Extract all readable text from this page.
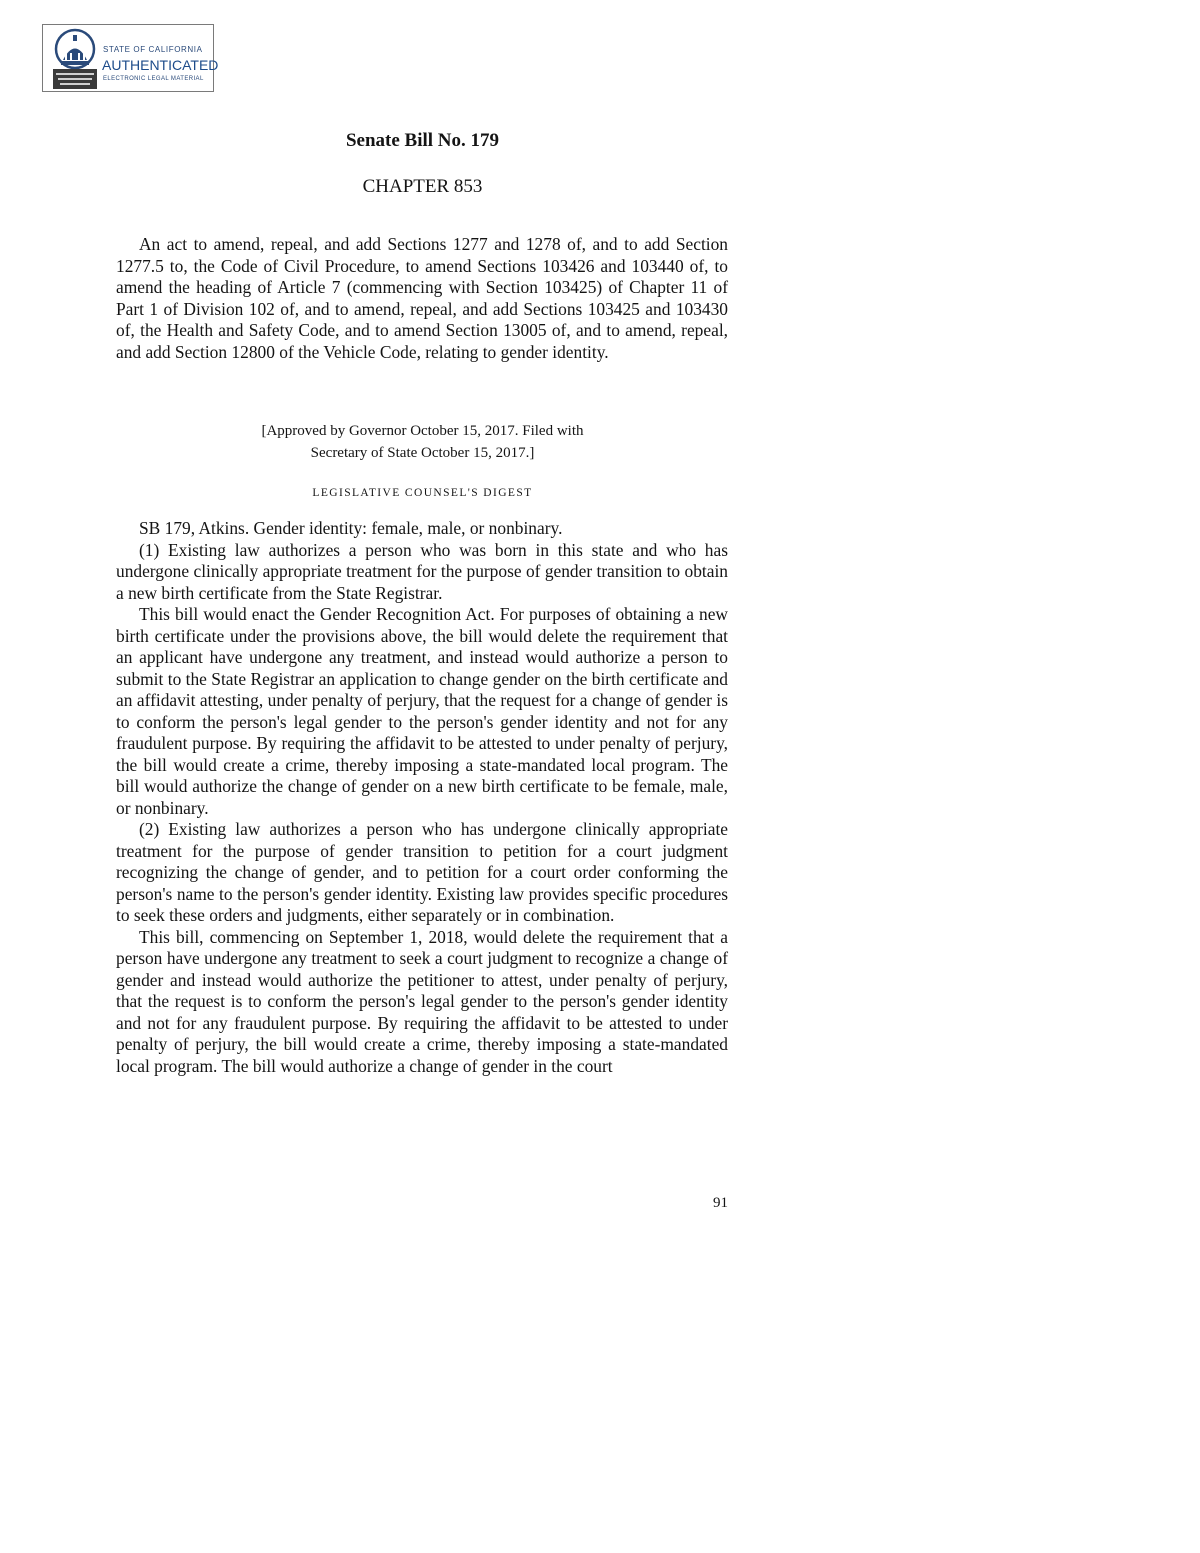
STATE OF CALIFORNIA
AUTHENTICATED
ELECTRONIC LEGAL MATERIAL
Senate Bill No. 179
CHAPTER 853
An act to amend, repeal, and add Sections 1277 and 1278 of, and to add Section 1277.5 to, the Code of Civil Procedure, to amend Sections 103426 and 103440 of, to amend the heading of Article 7 (commencing with Section 103425) of Chapter 11 of Part 1 of Division 102 of, and to amend, repeal, and add Sections 103425 and 103430 of, the Health and Safety Code, and to amend Section 13005 of, and to amend, repeal, and add Section 12800 of the Vehicle Code, relating to gender identity.
[Approved by Governor October 15, 2017. Filed with
Secretary of State October 15, 2017.]
LEGISLATIVE COUNSEL'S DIGEST

SB 179, Atkins. Gender identity: female, male, or nonbinary.

(1) Existing law authorizes a person who was born in this state and who has undergone clinically appropriate treatment for the purpose of gender transition to obtain a new birth certificate from the State Registrar.

This bill would enact the Gender Recognition Act. For purposes of obtaining a new birth certificate under the provisions above, the bill would delete the requirement that an applicant have undergone any treatment, and instead would authorize a person to submit to the State Registrar an application to change gender on the birth certificate and an affidavit attesting, under penalty of perjury, that the request for a change of gender is to conform the person's legal gender to the person's gender identity and not for any fraudulent purpose. By requiring the affidavit to be attested to under penalty of perjury, the bill would create a crime, thereby imposing a state-mandated local program. The bill would authorize the change of gender on a new birth certificate to be female, male, or nonbinary.

(2) Existing law authorizes a person who has undergone clinically appropriate treatment for the purpose of gender transition to petition for a court judgment recognizing the change of gender, and to petition for a court order conforming the person's name to the person's gender identity. Existing law provides specific procedures to seek these orders and judgments, either separately or in combination.

This bill, commencing on September 1, 2018, would delete the requirement that a person have undergone any treatment to seek a court judgment to recognize a change of gender and instead would authorize the petitioner to attest, under penalty of perjury, that the request is to conform the person's legal gender to the person's gender identity and not for any fraudulent purpose. By requiring the affidavit to be attested to under penalty of perjury, the bill would create a crime, thereby imposing a state-mandated local program. The bill would authorize a change of gender in the court

91
